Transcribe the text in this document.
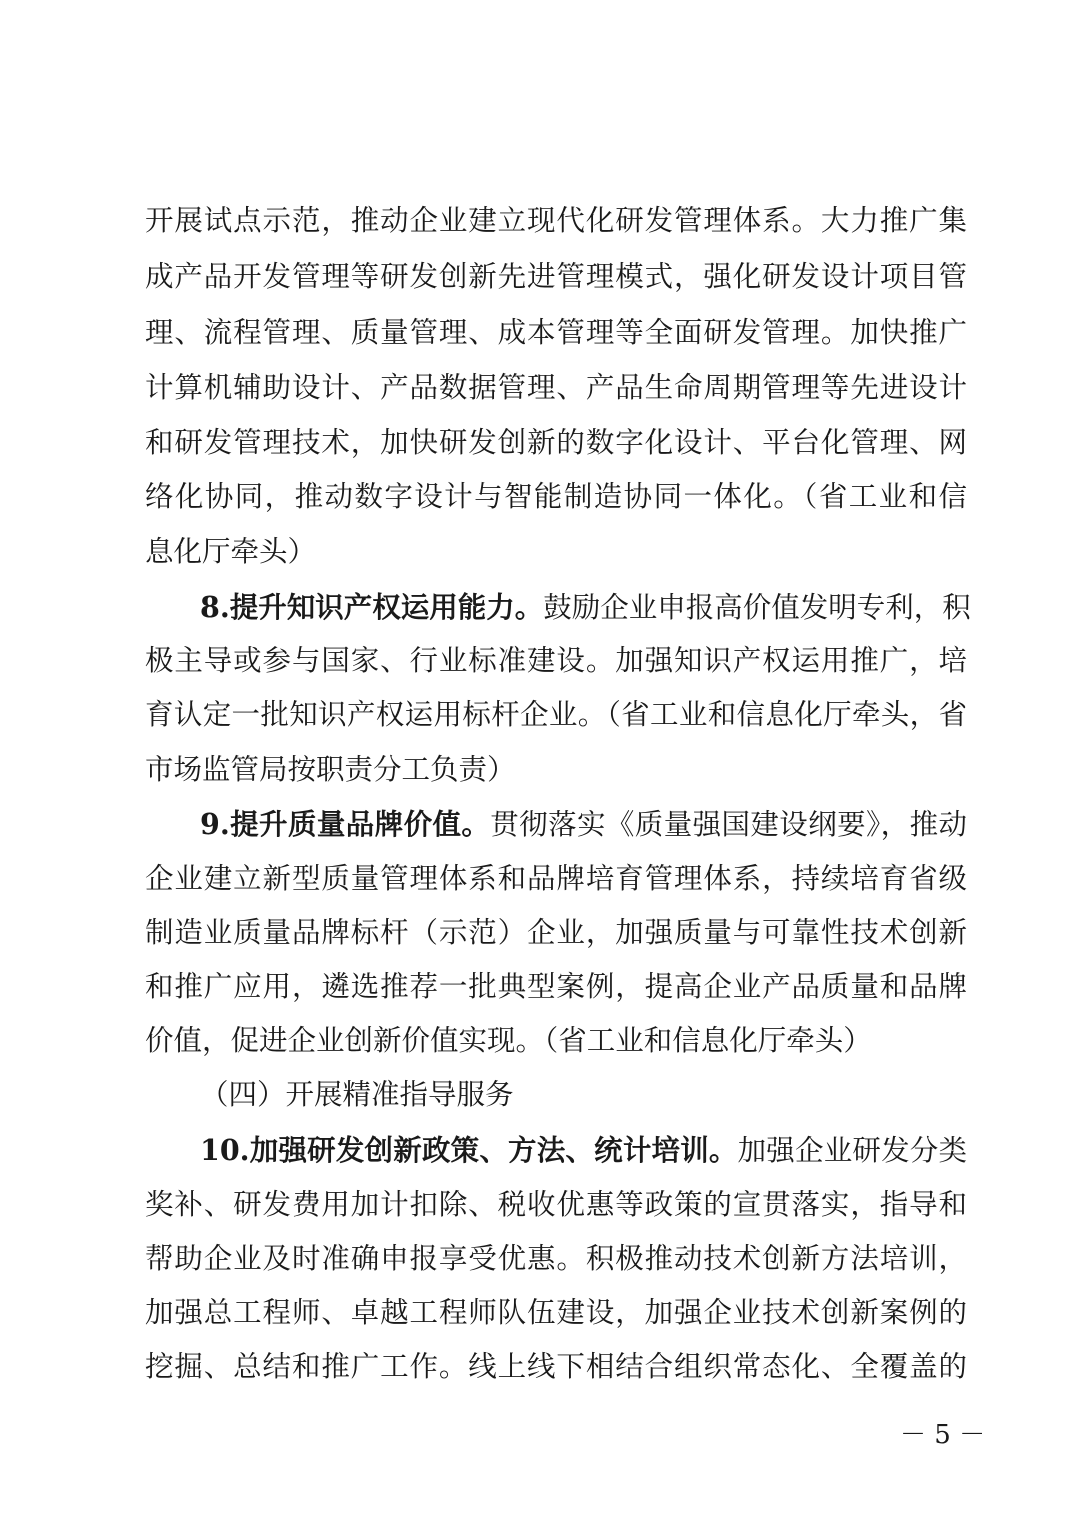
开展试点示范，推动企业建立现代化研发管理体系。大力推广集
成产品开发管理等研发创新先进管理模式，强化研发设计项目管
理、流程管理、质量管理、成本管理等全面研发管理。加快推广
计算机辅助设计、产品数据管理、产品生命周期管理等先进设计
和研发管理技术，加快研发创新的数字化设计、平台化管理、网
络化协同，推动数字设计与智能制造协同一体化。（省工业和信
息化厅牵头）
8.提升知识产权运用能力。鼓励企业申报高价值发明专利，积
极主导或参与国家、行业标准建设。加强知识产权运用推广，培
育认定一批知识产权运用标杆企业。（省工业和信息化厅牵头，省
市场监管局按职责分工负责）
9.提升质量品牌价值。贯彻落实《质量强国建设纲要》，推动
企业建立新型质量管理体系和品牌培育管理体系，持续培育省级
制造业质量品牌标杆（示范）企业，加强质量与可靠性技术创新
和推广应用，遴选推荐一批典型案例，提高企业产品质量和品牌
价值，促进企业创新价值实现。（省工业和信息化厅牵头）
（四）开展精准指导服务
10.加强研发创新政策、方法、统计培训。加强企业研发分类
奖补、研发费用加计扣除、税收优惠等政策的宣贯落实，指导和
帮助企业及时准确申报享受优惠。积极推动技术创新方法培训，
加强总工程师、卓越工程师队伍建设，加强企业技术创新案例的
挖掘、总结和推广工作。线上线下相结合组织常态化、全覆盖的
－ 5 －
